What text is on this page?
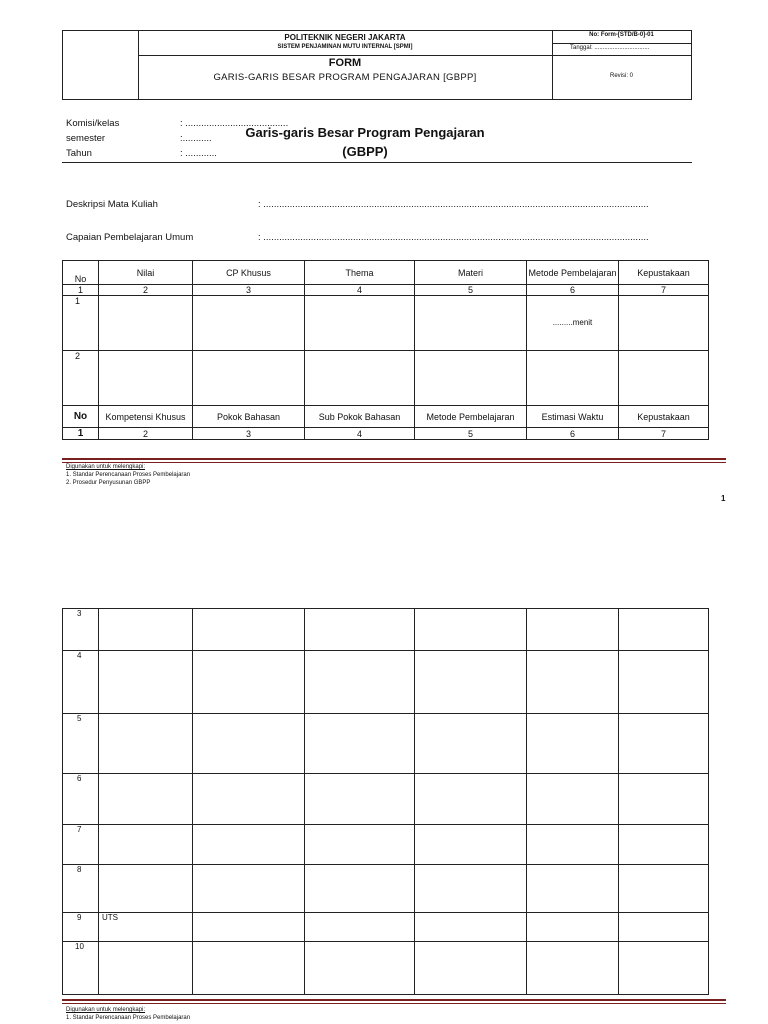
POLITEKNIK NEGERI JAKARTA
SISTEM PENJAMINAN MUTU INTERNAL [SPMI]
FORM
GARIS-GARIS BESAR PROGRAM PENGAJARAN [GBPP]
No: Form-[STD/B-0]-01
Tanggal: .................................
Revisi: 0
Komisi/kelas	: .......................................
semester	:...........
Tahun	: ............
Garis-garis Besar Program Pengajaran
(GBPP)
Deskripsi Mata Kuliah	: ..................................................................................................................................................
Capaian Pembelajaran Umum	: ..................................................................................................................................................
No	Nilai	CP Khusus	Thema	Materi	Metode Pembelajaran	Kepustakaan
1	2	3	4	5	6	7
1					.........menit	
2						
No	Kompetensi Khusus	Pokok Bahasan	Sub Pokok Bahasan	Metode Pembelajaran	Estimasi Waktu	Kepustakaan
1	2	3	4	5	6	7
Digunakan untuk melengkapi:
1. Standar Perencanaan Proses Pembelajaran
2. Prosedur Penyusunan GBPP
1
3						
4						
5						
6						
7						
8						
9	UTS					
10						
Digunakan untuk melengkapi:
1. Standar Perencanaan Proses Pembelajaran
